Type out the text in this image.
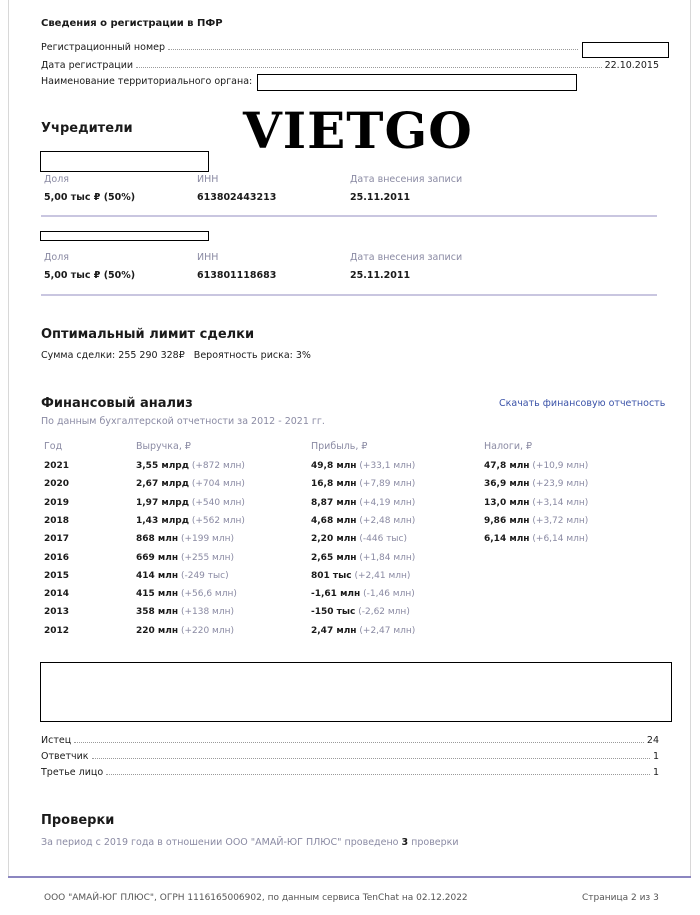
Сведения о регистрации в ПФР
Регистрационный номер
Дата регистрации	22.10.2015
Наименование территориального органа:
VIETGO
Учредители
Доля	ИНН	Дата внесения записи
5,00 тыс ₽ (50%)	613802443213	25.11.2011
Доля	ИНН	Дата внесения записи
5,00 тыс ₽ (50%)	613801118683	25.11.2011
Оптимальный лимит сделки
Сумма сделки: 255 290 328₽   Вероятность риска: 3%
Финансовый анализ	Скачать финансовую отчетность
По данным бухгалтерской отчетности за 2012 - 2021 гг.
Год	Выручка, ₽	Прибыль, ₽	Налоги, ₽
2021	3,55 млрд (+872 млн)	49,8 млн (+33,1 млн)	47,8 млн (+10,9 млн)
2020	2,67 млрд (+704 млн)	16,8 млн (+7,89 млн)	36,9 млн (+23,9 млн)
2019	1,97 млрд (+540 млн)	8,87 млн (+4,19 млн)	13,0 млн (+3,14 млн)
2018	1,43 млрд (+562 млн)	4,68 млн (+2,48 млн)	9,86 млн (+3,72 млн)
2017	868 млн (+199 млн)	2,20 млн (-446 тыс)	6,14 млн (+6,14 млн)
2016	669 млн (+255 млн)	2,65 млн (+1,84 млн)
2015	414 млн (-249 тыс)	801 тыс (+2,41 млн)
2014	415 млн (+56,6 млн)	-1,61 млн (-1,46 млн)
2013	358 млн (+138 млн)	-150 тыс (-2,62 млн)
2012	220 млн (+220 млн)	2,47 млн (+2,47 млн)
Истец	24
Ответчик	1
Третье лицо	1
Проверки
За период с 2019 года в отношении ООО "АМАЙ-ЮГ ПЛЮС" проведено 3 проверки
ООО "АМАЙ-ЮГ ПЛЮС", ОГРН 1116165006902, по данным сервиса TenChat на 02.12.2022	Страница 2 из 3
